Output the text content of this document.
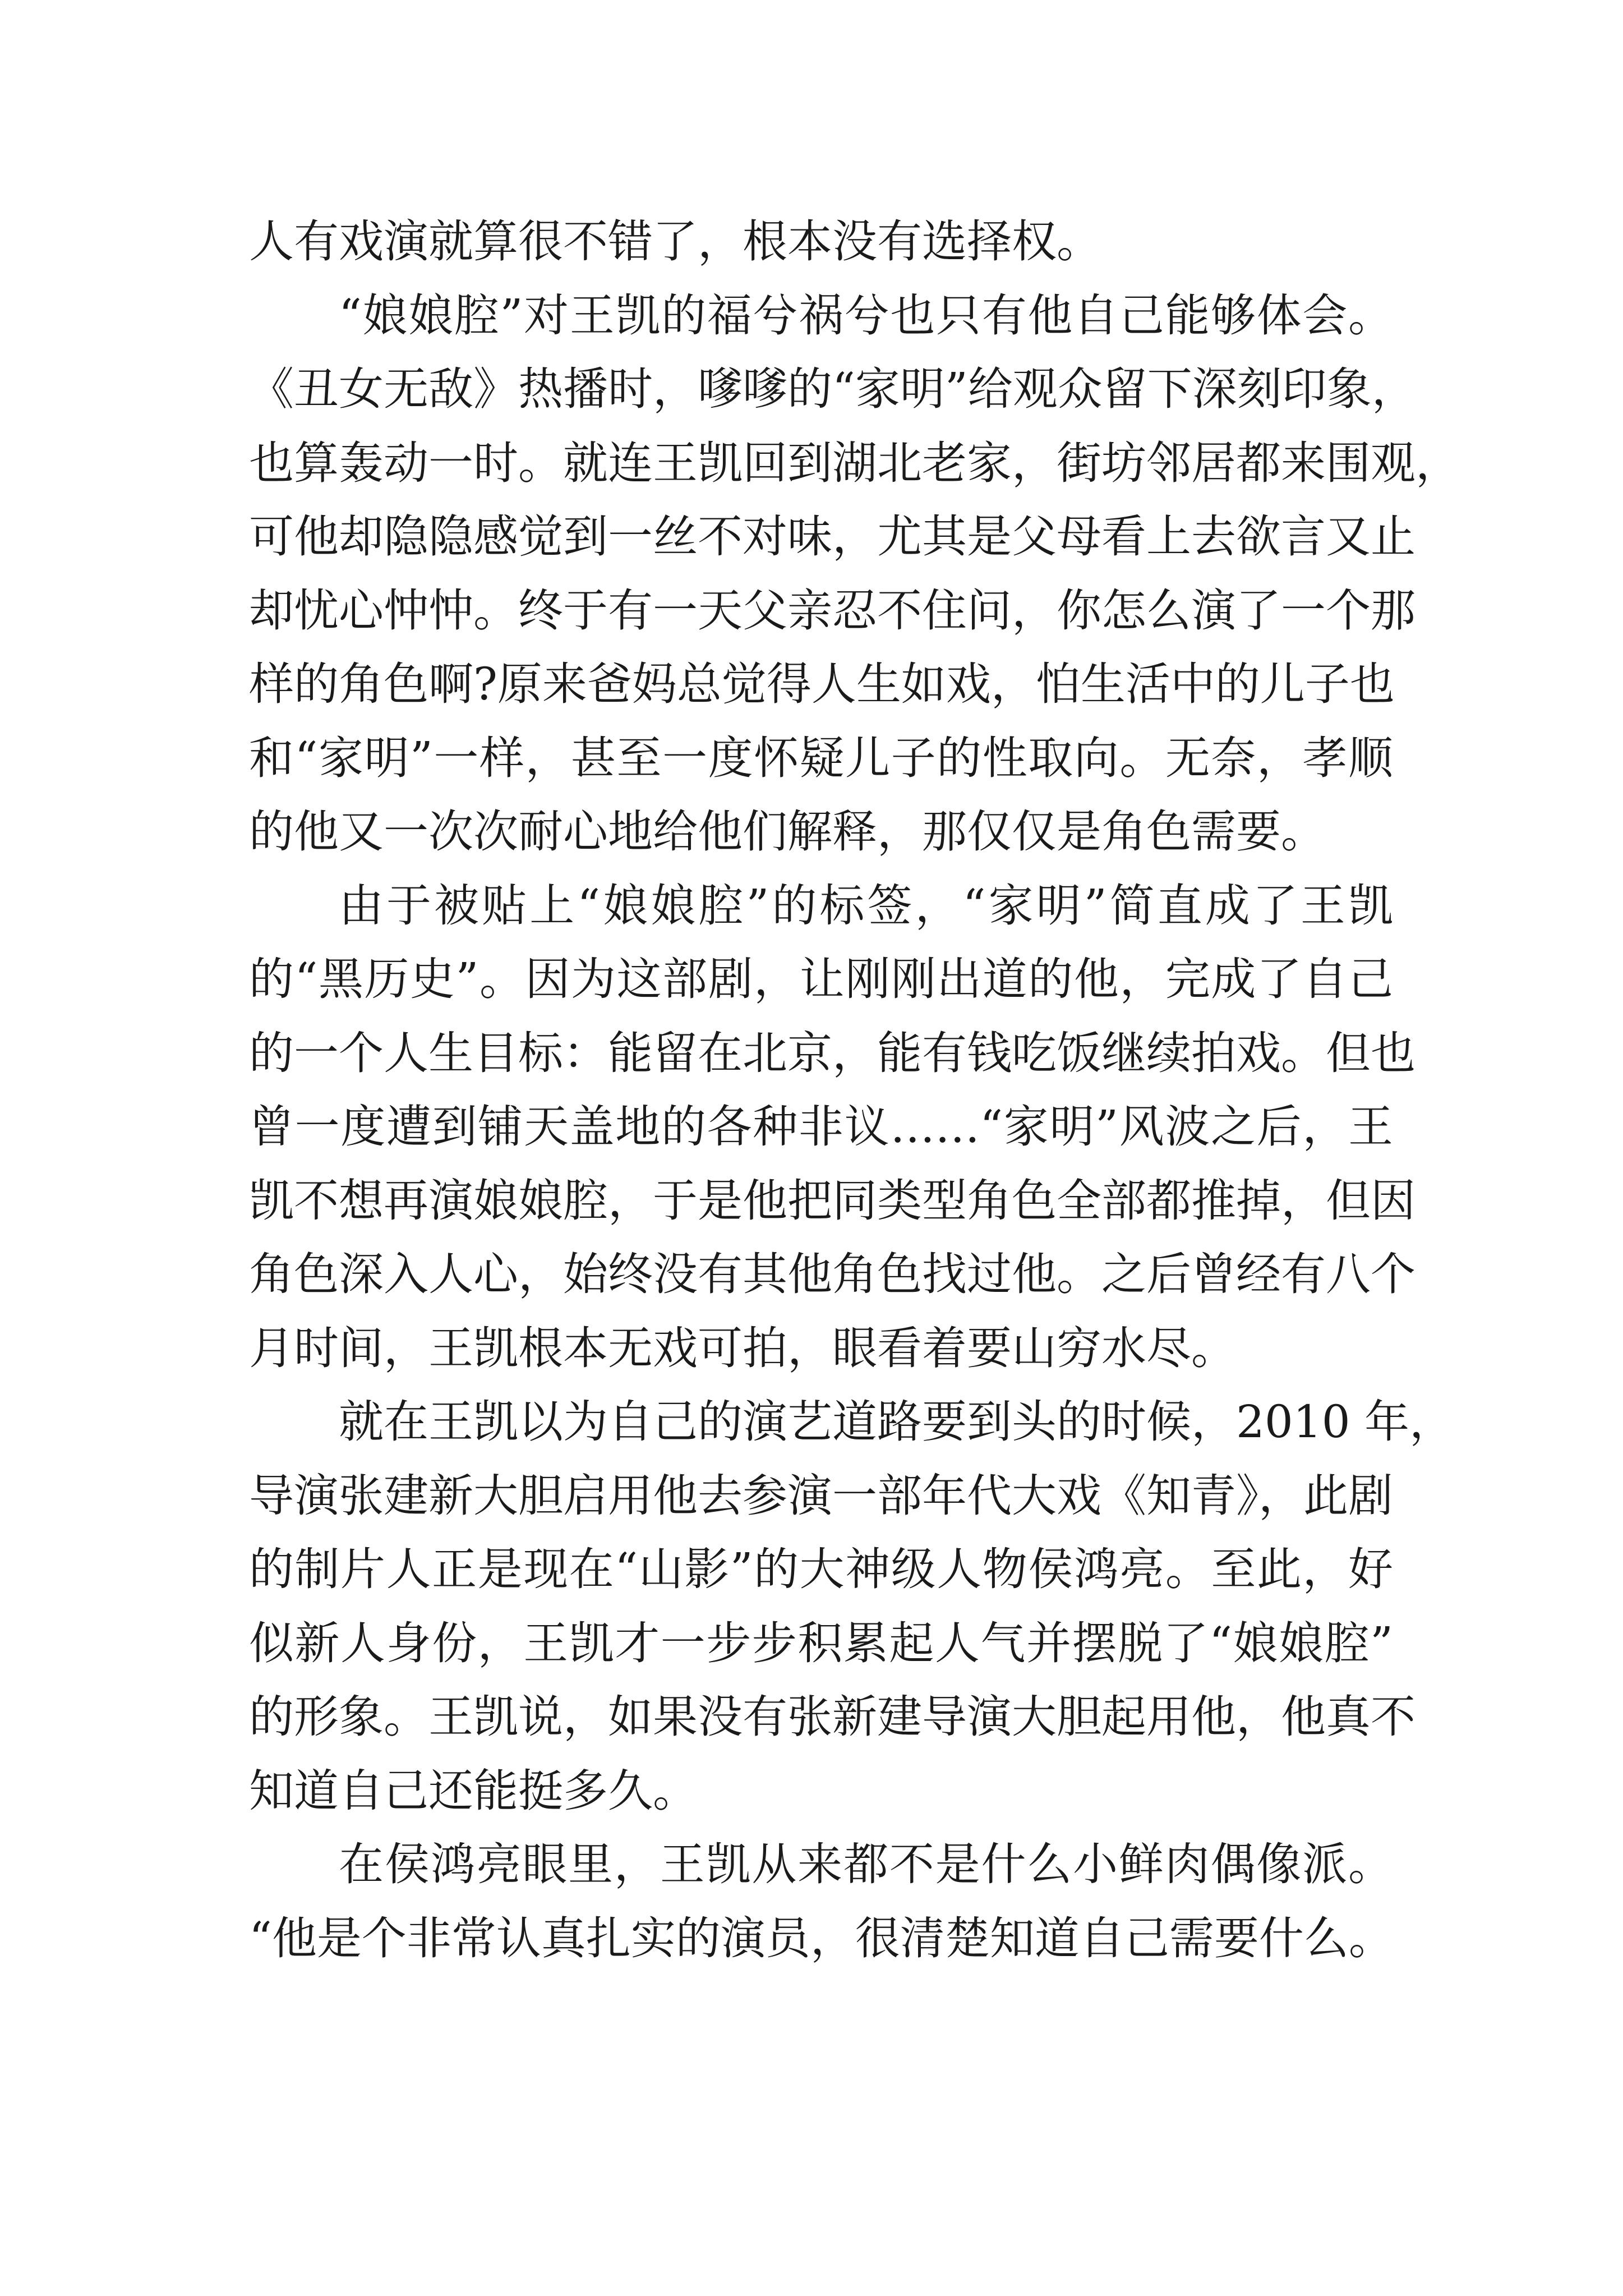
人有戏演就算很不错了，根本没有选择权。
“娘娘腔”对王凯的福兮祸兮也只有他自己能够体会。
《丑女无敌》热播时，嗲嗲的“家明”给观众留下深刻印象，
也算轰动一时。就连王凯回到湖北老家，街坊邻居都来围观，
可他却隐隐感觉到一丝不对味，尤其是父母看上去欲言又止
却忧心忡忡。终于有一天父亲忍不住问，你怎么演了一个那
样的角色啊?原来爸妈总觉得人生如戏，怕生活中的儿子也
和“家明”一样，甚至一度怀疑儿子的性取向。无奈，孝顺
的他又一次次耐心地给他们解释，那仅仅是角色需要。
由于被贴上“娘娘腔”的标签，“家明”简直成了王凯
的“黑历史”。因为这部剧，让刚刚出道的他，完成了自己
的一个人生目标：能留在北京，能有钱吃饭继续拍戏。但也
曾一度遭到铺天盖地的各种非议……“家明”风波之后，王
凯不想再演娘娘腔，于是他把同类型角色全部都推掉，但因
角色深入人心，始终没有其他角色找过他。之后曾经有八个
月时间，王凯根本无戏可拍，眼看着要山穷水尽。
就在王凯以为自己的演艺道路要到头的时候，2010 年，
导演张建新大胆启用他去参演一部年代大戏《知青》，此剧
的制片人正是现在“山影”的大神级人物侯鸿亮。至此，好
似新人身份，王凯才一步步积累起人气并摆脱了“娘娘腔”
的形象。王凯说，如果没有张新建导演大胆起用他，他真不
知道自己还能挺多久。
在侯鸿亮眼里，王凯从来都不是什么小鲜肉偶像派。
“他是个非常认真扎实的演员，很清楚知道自己需要什么。
